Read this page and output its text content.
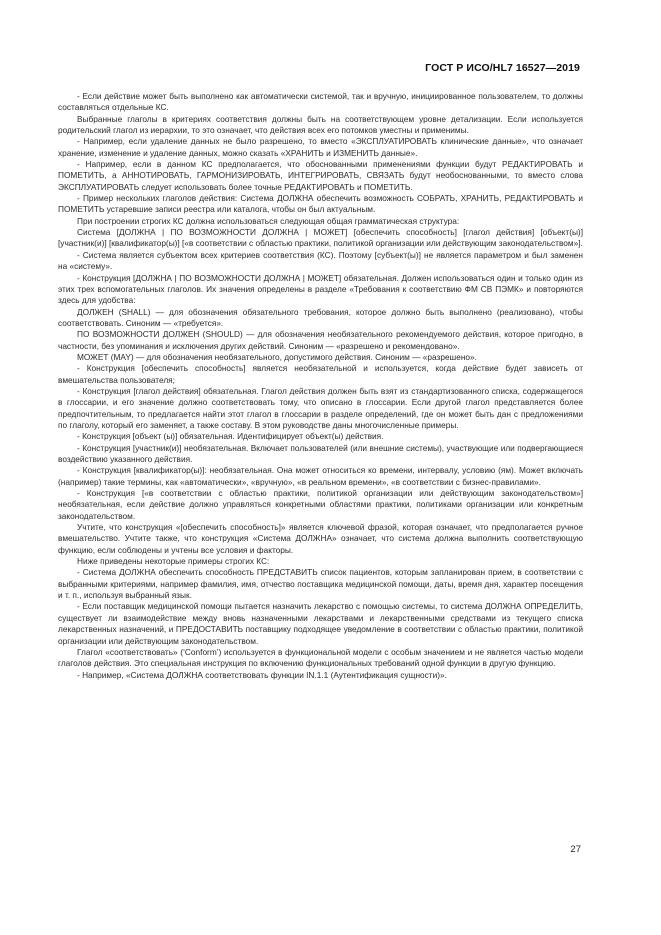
ГОСТ Р ИСО/HL7 16527—2019

- Если действие может быть выполнено как автоматически системой, так и вручную, инициированное пользователем, то должны составляться отдельные КС.

Выбранные глаголы в критериях соответствия должны быть на соответствующем уровне детализации. Если используется родительский глагол из иерархии, то это означает, что действия всех его потомков уместны и применимы.

- Например, если удаление данных не было разрешено, то вместо «ЭКСПЛУАТИРОВАТЬ клинические данные», что означает хранение, изменение и удаление данных, можно сказать «ХРАНИТЬ и ИЗМЕНИТЬ данные».

- Например, если в данном КС предполагается, что обоснованными применениями функции будут РЕДАКТИРОВАТЬ и ПОМЕТИТЬ, а АННОТИРОВАТЬ, ГАРМОНИЗИРОВАТЬ, ИНТЕГРИРОВАТЬ, СВЯЗАТЬ будут необоснованными, то вместо слова ЭКСПЛУАТИРОВАТЬ следует использовать более точные РЕДАКТИРОВАТЬ и ПОМЕТИТЬ.

- Пример нескольких глаголов действия: Система ДОЛЖНА обеспечить возможность СОБРАТЬ, ХРАНИТЬ, РЕДАКТИРОВАТЬ и ПОМЕТИТЬ устаревшие записи реестра или каталога, чтобы он был актуальным.

При построении строгих КС должна использоваться следующая общая грамматическая структура:

Система [ДОЛЖНА | ПО ВОЗМОЖНОСТИ ДОЛЖНА | МОЖЕТ] [обеспечить способность] [глагол действия] [объект(ы)] [участник(и)] [квалификатор(ы)] [«в соответствии с областью практики, политикой организации или действующим законодательством»].

- Система является субъектом всех критериев соответствия (КС). Поэтому [субъект(ы)] не является параметром и был заменен на «систему».

- Конструкция [ДОЛЖНА | ПО ВОЗМОЖНОСТИ ДОЛЖНА | МОЖЕТ] обязательная. Должен использоваться один и только один из этих трех вспомогательных глаголов. Их значения определены в разделе «Требования к соответствию ФМ СВ ПЭМК» и повторяются здесь для удобства:

ДОЛЖЕН (SHALL) — для обозначения обязательного требования, которое должно быть выполнено (реализовано), чтобы соответствовать. Синоним — «требуется».

ПО ВОЗМОЖНОСТИ ДОЛЖЕН (SHOULD) — для обозначения необязательного рекомендуемого действия, которое пригодно, в частности, без упоминания и исключения других действий. Синоним — «разрешено и рекомендовано».

МОЖЕТ (MAY) — для обозначения необязательного, допустимого действия. Синоним — «разрешено».

- Конструкция [обеспечить способность] является необязательной и используется, когда действие будет зависеть от вмешательства пользователя;

- Конструкция [глагол действия] обязательная. Глагол действия должен быть взят из стандартизованного списка, содержащегося в глоссарии, и его значение должно соответствовать тому, что описано в глоссарии. Если другой глагол представляется более предпочтительным, то предлагается найти этот глагол в глоссарии в разделе определений, где он может быть дан с предложениями по глаголу, который его заменяет, а также составу. В этом руководстве даны многочисленные примеры.

- Конструкция [объект (ы)] обязательная. Идентифицирует объект(ы) действия.

- Конструкция [участник(и)] необязательная. Включает пользователей (или внешние системы), участвующие или подвергающиеся воздействию указанного действия.

- Конструкция [квалификатор(ы)]: необязательная. Она может относиться ко времени, интервалу, условию (ям). Может включать (например) такие термины, как «автоматически», «вручную», «в реальном времени», «в соответствии с бизнес-правилами».

- Конструкция [«в соответствии с областью практики, политикой организации или действующим законодательством»] необязательная, если действие должно управляться конкретными областями практики, политиками организации или конкретным законодательством.

Учтите, что конструкция «[обеспечить способность]» является ключевой фразой, которая означает, что предполагается ручное вмешательство. Учтите также, что конструкция «Система ДОЛЖНА» означает, что система должна выполнить соответствующую функцию, если соблюдены и учтены все условия и факторы.

Ниже приведены некоторые примеры строгих КС:

- Система ДОЛЖНА обеспечить способность ПРЕДСТАВИТЬ список пациентов, которым запланирован прием, в соответствии с выбранными критериями, например фамилия, имя, отчество поставщика медицинской помощи, даты, время дня, характер посещения и т. п., используя выбранный язык.

- Если поставщик медицинской помощи пытается назначить лекарство с помощью системы, то система ДОЛЖНА ОПРЕДЕЛИТЬ, существует ли взаимодействие между вновь назначенными лекарствами и лекарственными средствами из текущего списка лекарственных назначений, и ПРЕДОСТАВИТЬ поставщику подходящее уведомление в соответствии с областью практики, политикой организации или действующим законодательством.

Глагол «соответствовать» (‘Conform’) используется в функциональной модели с особым значением и не является частью модели глаголов действия. Это специальная инструкция по включению функциональных требований одной функции в другую функцию.

- Например, «Система ДОЛЖНА соответствовать функции IN.1.1 (Аутентификация сущности)».

27
